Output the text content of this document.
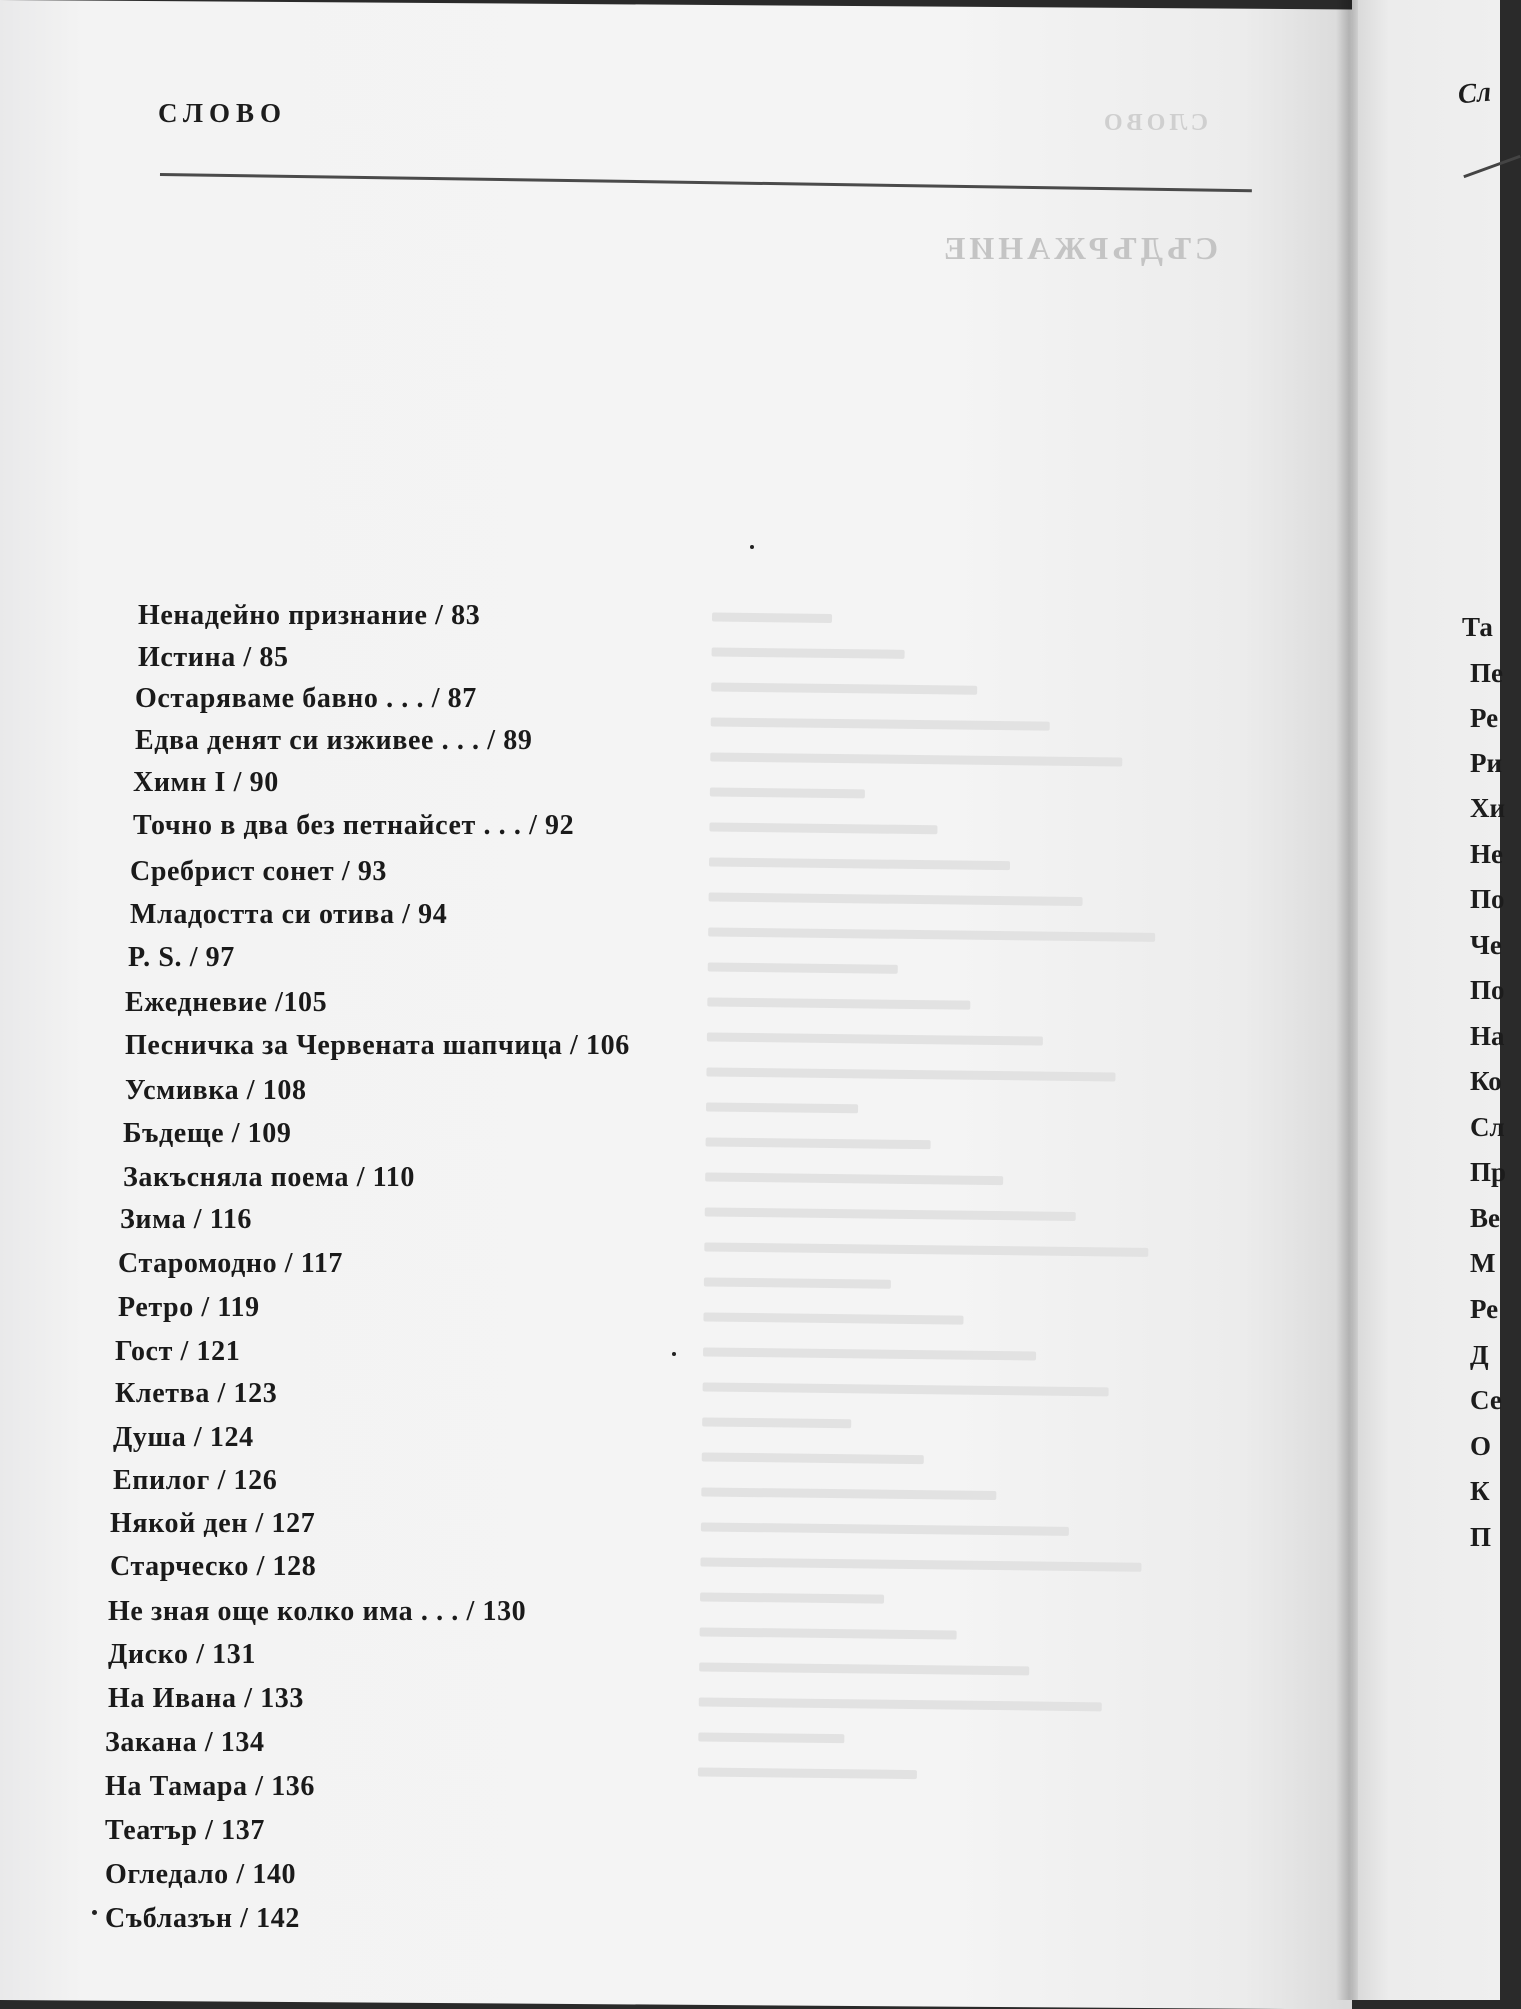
СЛОВО
СЪДЪРЖАНИЕ
СЛОВО
Ненадейно признание / 83
Истина / 85
Остаряваме бавно . . . / 87
Едва денят си изживее . . . / 89
Химн I / 90
Точно в два без петнайсет . . . / 92
Сребрист сонет / 93
Младостта си отива / 94
P. S. / 97
Ежедневие /105
Песничка за Червената шапчица / 106
Усмивка / 108
Бъдеще / 109
Закъсняла поема / 110
Зима / 116
Старомодно / 117
Ретро / 119
Гост / 121
Клетва / 123
Душа / 124
Епилог / 126
Някой ден / 127
Старческо / 128
Не зная още колко има . . . / 130
Диско / 131
На Ивана / 133
Закана / 134
На Тамара / 136
Театър / 137
Огледало / 140
Съблазън / 142
Сл
Та
Пе
Ре
Ри
Хи
Не
По
Че
По
На
Ко
Сл
Пр
Ве
М
Ре
Д
Се
О
К
П
